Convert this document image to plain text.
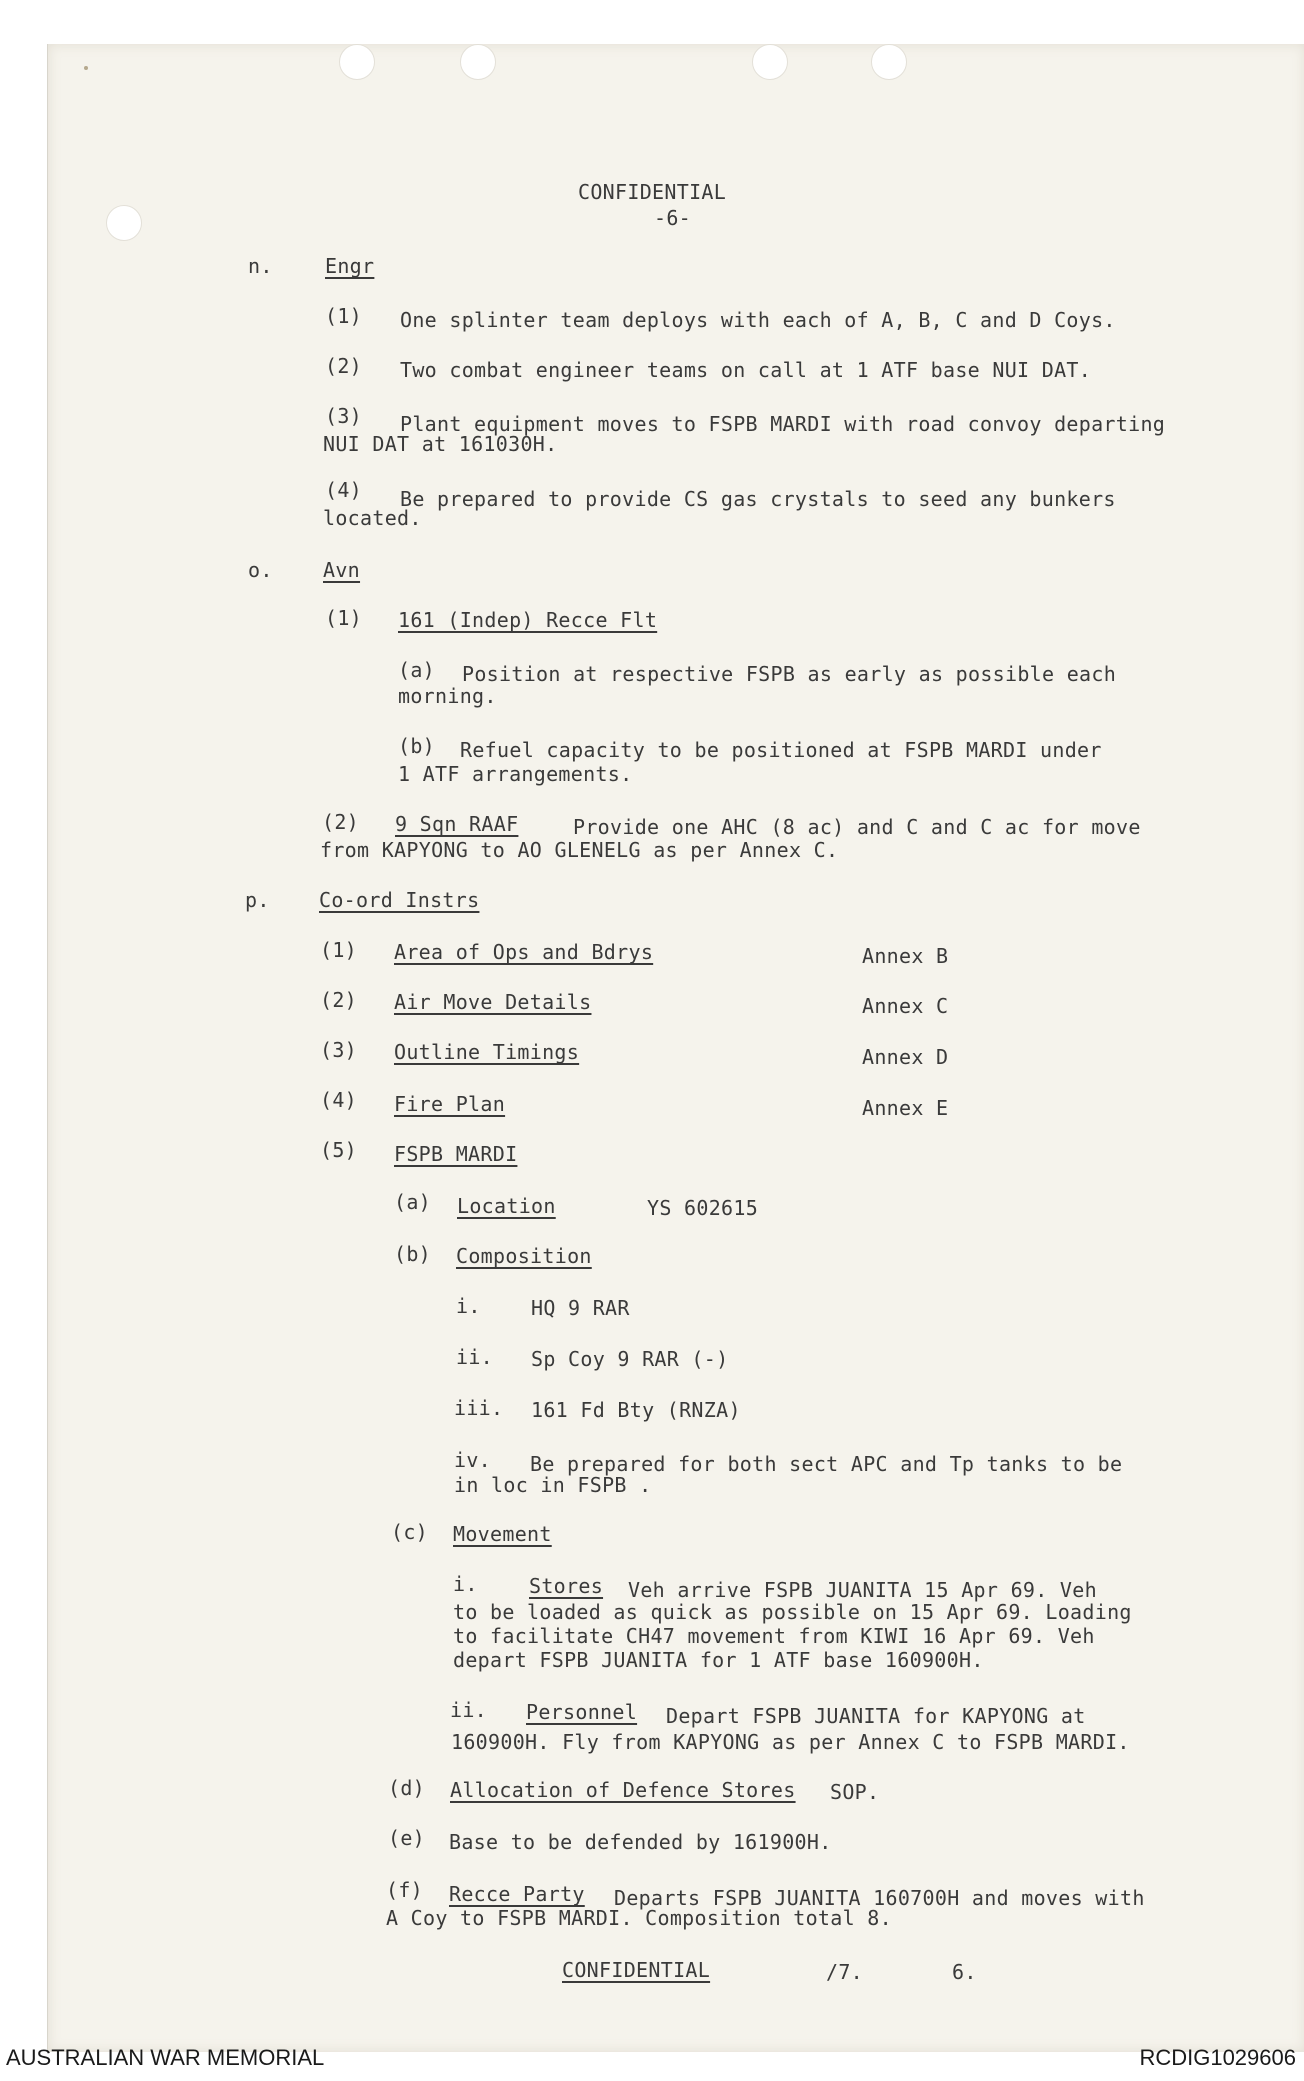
CONFIDENTIAL

-6-

n.	Engr

(1) One splinter team deploys with each of A, B, C and D Coys.

(2) Two combat engineer teams on call at 1 ATF base NUI DAT.

(3) Plant equipment moves to FSPB MARDI with road convoy departing

NUI DAT at 161030H.

(4) Be prepared to provide CS gas crystals to seed any bunkers

located.

o.	Avn

(1) 161 (Indep) Recce Flt

(a) Position at respective FSPB as early as possible each

morning.

(b) Refuel capacity to be positioned at FSPB MARDI under

1 ATF arrangements.

(2) 9 Sqn RAAF	Provide one AHC (8 ac) and C and C ac for move

from KAPYONG to AO GLENELG as per Annex C.

p. Co-ord Instrs

(1) Area of Ops and Bdrys	Annex B

(2) Air Move Details	Annex C

(3) Outline Timings	Annex D

(4) Fire Plan	Annex E

(5) FSPB MARDI

(a) Location	YS 602615

(b) Composition

i.	HQ 9 RAR

ii. Sp Coy 9 RAR (-)

iii. 161 Fd Bty (RNZA)

iv. Be prepared for both sect APC and Tp tanks to be

in loc in FSPB .

(c) Movement

i.	Stores Veh arrive FSPB JUANITA 15 Apr 69. Veh

to be loaded as quick as possible on 15 Apr 69. Loading

to facilitate CH47 movement from KIWI 16 Apr 69. Veh

depart FSPB JUANITA for 1 ATF base 160900H.

ii. Personnel Depart FSPB JUANITA for KAPYONG at

160900H. Fly from KAPYONG as per Annex C to FSPB MARDI.

(d) Allocation of Defence Stores SOP.

(e) Base to be defended by 161900H.

(f) Recce Party Departs FSPB JUANITA 160700H and moves with

A Coy to FSPB MARDI. Composition total 8.

CONFIDENTIAL	/7.	6.

AUSTRALIAN WAR MEMORIAL	RCDIG1029606
